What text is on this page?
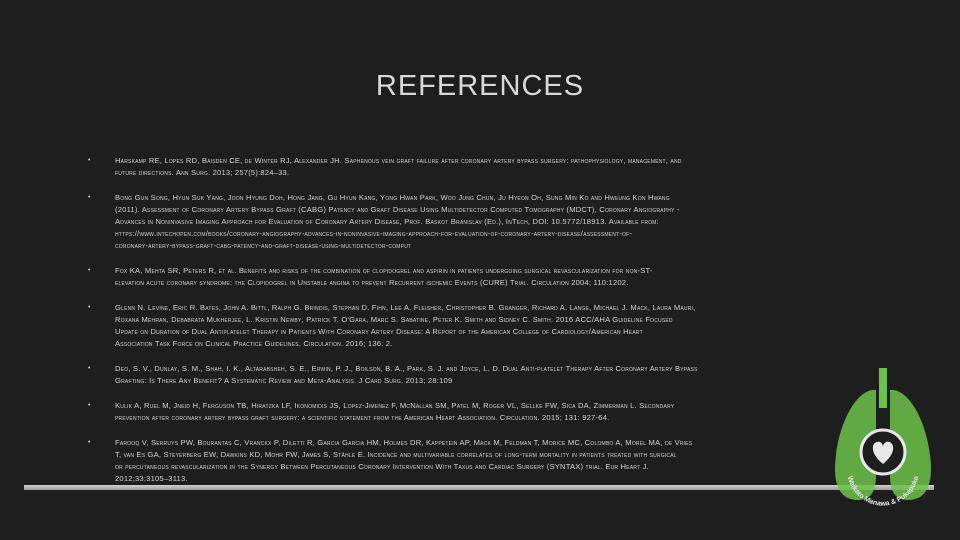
REFERENCES
•	Harskamp RE, Lopes RD, Baisden CE, de Winter RJ, Alexander JH. Saphenous vein graft failure after coronary artery bypass surgery: pathophysiology, management, and
future directions. Ann Surg. 2013; 257(5):824–33.
•	Bong Gun Song, Hyun Suk Yang, Joon Hyung Doh, Hong Jang, Gu Hyun Kang, Yong Hwan Park, Woo Jung Chun, Ju Hyeon Oh, Sung Min Ko and Hweung Kon Hwang
(2011). Assessment of Coronary Artery Bypass Graft (CABG) Patency and Graft Disease Using Multidetector Computed Tomography (MDCT), Coronary Angiography -
Advances in Noninvasive Imaging Approach for Evaluation of Coronary Artery Disease, Prof. Baskot Branislav (Ed.), InTech, DOI: 10.5772/18913. Available from:
https://www.intechopen.com/books/coronary-angiography-advances-in-noninvasive-imaging-approach-for-evaluation-of-coronary-artery-disease/assessment-of-
coronary-artery-bypass-graft-cabg-patency-and-graft-disease-using-multidetector-comput
•	Fox KA, Mehta SR, Peters R, et al. Benefits and risks of the combination of clopidogrel and aspirin in patients undergoing surgical revascularization for non-ST-
elevation acute coronary syndrome: the Clopidogrel in Unstable angina to prevent Recurrent ischemic Events (CURE) Trial. Circulation 2004; 110:1202.
•	Glenn N. Levine, Eric R. Bates, John A. Bittl, Ralph G. Brindis, Stephan D. Fihn, Lee A. Fleisher, Christopher B. Granger, Richard A. Lange, Michael J. Mack, Laura Mauri,
Roxana Mehran, Debabrata Mukherjee, L. Kristin Newby, Patrick T. O'Gara, Marc S. Sabatine, Peter K. Smith and Sidney C. Smith. 2016 ACC/AHA Guideline Focused
Update on Duration of Dual Antiplatelet Therapy in Patients With Coronary Artery Disease: A Report of the American College of Cardiology/American Heart
Association Task Force on Clinical Practice Guidelines. Circulation. 2016; 136: 2.
•	Deo, S. V., Dunlay, S. M., Shah, I. K., Altarabsheh, S. E., Erwin, P. J., Boilson, B. A., Park, S. J. and Joyce, L. D. Dual Anti-platelet Therapy After Coronary Artery Bypass
Grafting: Is There Any Benefit? A Systematic Review and Meta-Analysis. J Card Surg. 2013; 28:109
•	Kulik A, Ruel M, Jneid H, Ferguson TB, Hiratzka LF, Ikonomidis JS, Lopez-Jimenez F, McNallan SM, Patel M, Roger VL, Sellke FW, Sica DA, Zimmerman L. Secondary
prevention after coronary artery bypass graft surgery: a scientific statement from the American Heart Association. Circulation. 2015; 131: 927-64.
•	Farooq V, Serruys PW, Bourantas C, Vranckx P, Diletti R, Garcia Garcia HM, Holmes DR, Kappetein AP, Mack M, Feldman T, Morice MC, Colombo A, Morel MA, de Vries
T, van Es GA, Steyerberg EW, Dawkins KD, Mohr FW, James S, Ståhle E. Incidence and multivariable correlates of long-term mortality in patients treated with surgical
or percutaneous revascularization in the Synergy Between Percutaneous Coronary Intervention With Taxus and Cardiac Surgery (SYNTAX) trial. Eur Heart J.
2012;33:3105–3113.	Waikato Manawa & Pukapuka
